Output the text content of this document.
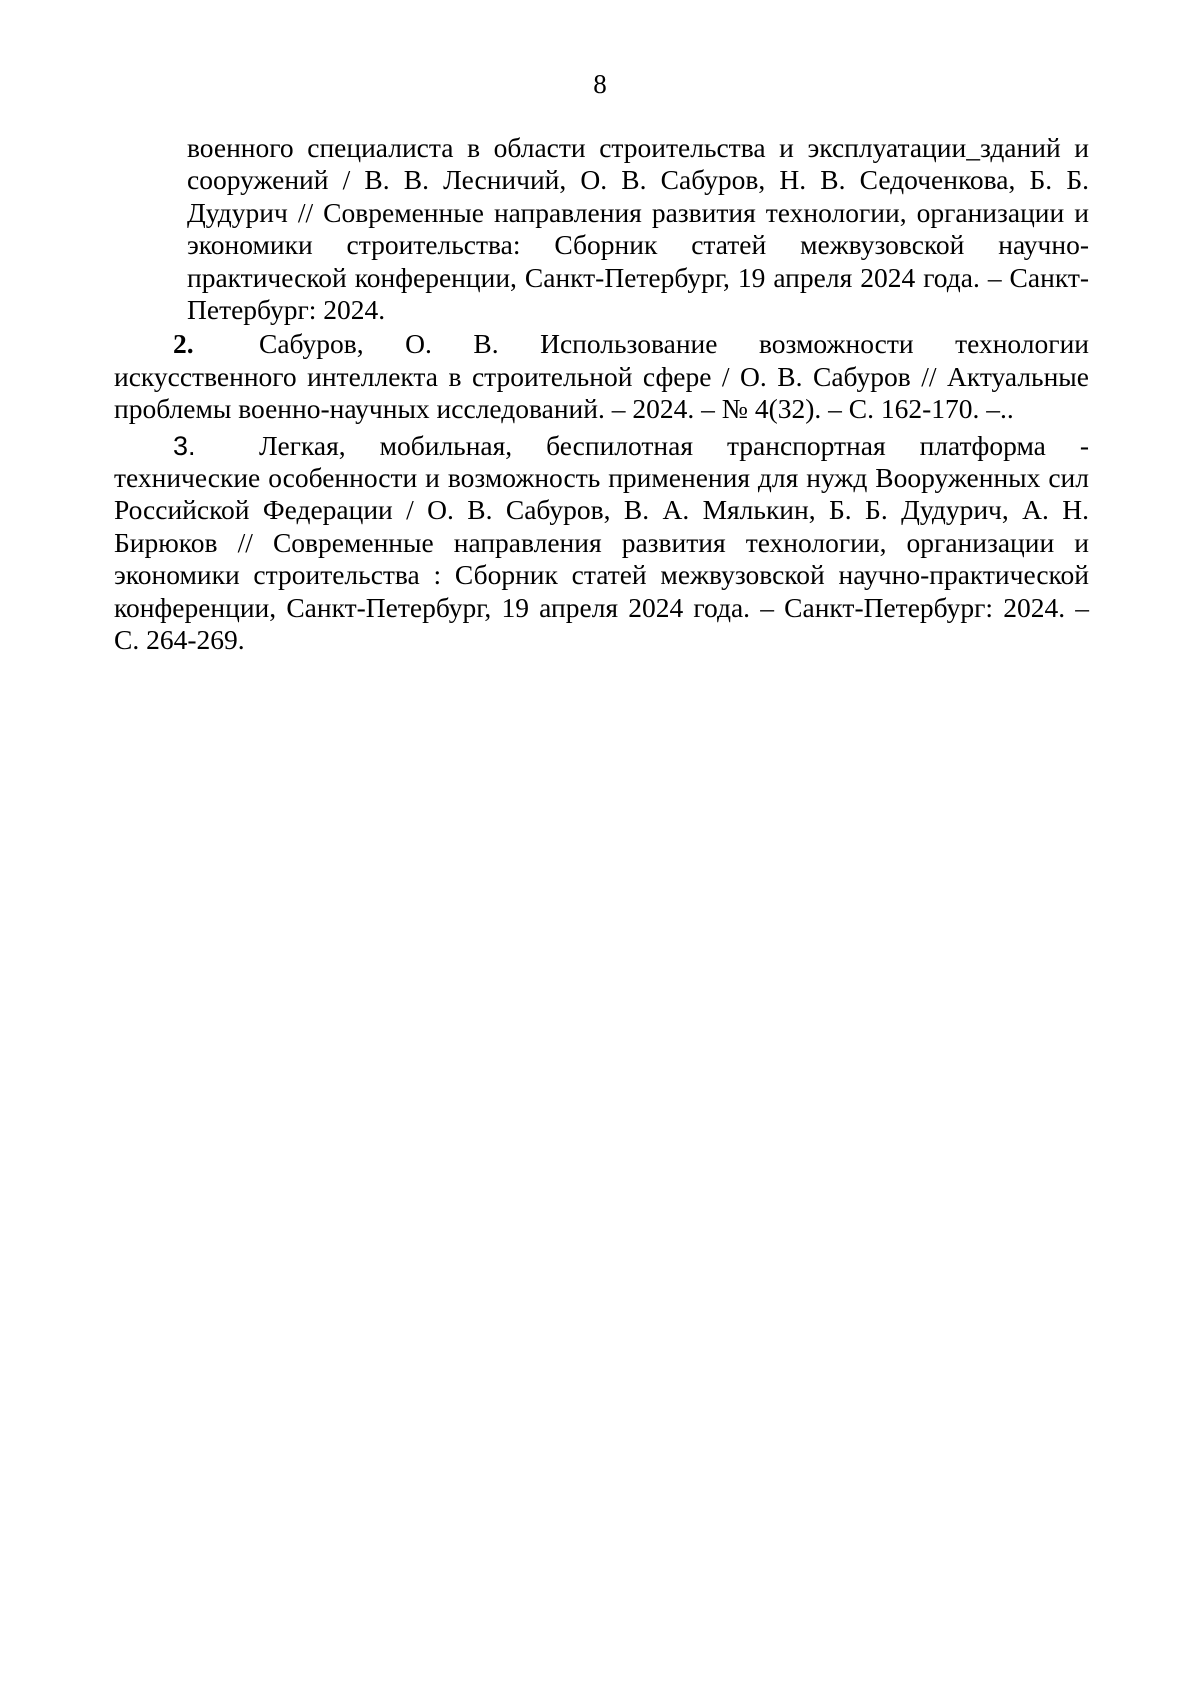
8

военного специалиста в области строительства и эксплуатации_зданий и сооружений / В. В. Лесничий, О. В. Сабуров, Н. В. Седоченкова, Б. Б. Дудурич // Современные направления развития технологии, организации и экономики строительства: Сборник статей межвузовской научно-практической конференции, Санкт-Петербург, 19 апреля 2024 года. – Санкт-Петербург: 2024.

2. Сабуров, О. В. Использование возможности технологии искусственного интеллекта в строительной сфере / О. В. Сабуров // Актуальные проблемы военно-научных исследований. – 2024. – № 4(32). – С. 162-170. –..

3. Легкая, мобильная, беспилотная транспортная платформа - технические особенности и возможность применения для нужд Вооруженных сил Российской Федерации / О. В. Сабуров, В. А. Мялькин, Б. Б. Дудурич, А. Н. Бирюков // Современные направления развития технологии, организации и экономики строительства : Сборник статей межвузовской научно-практической конференции, Санкт-Петербург, 19 апреля 2024 года. – Санкт-Петербург: 2024. – С. 264-269.
